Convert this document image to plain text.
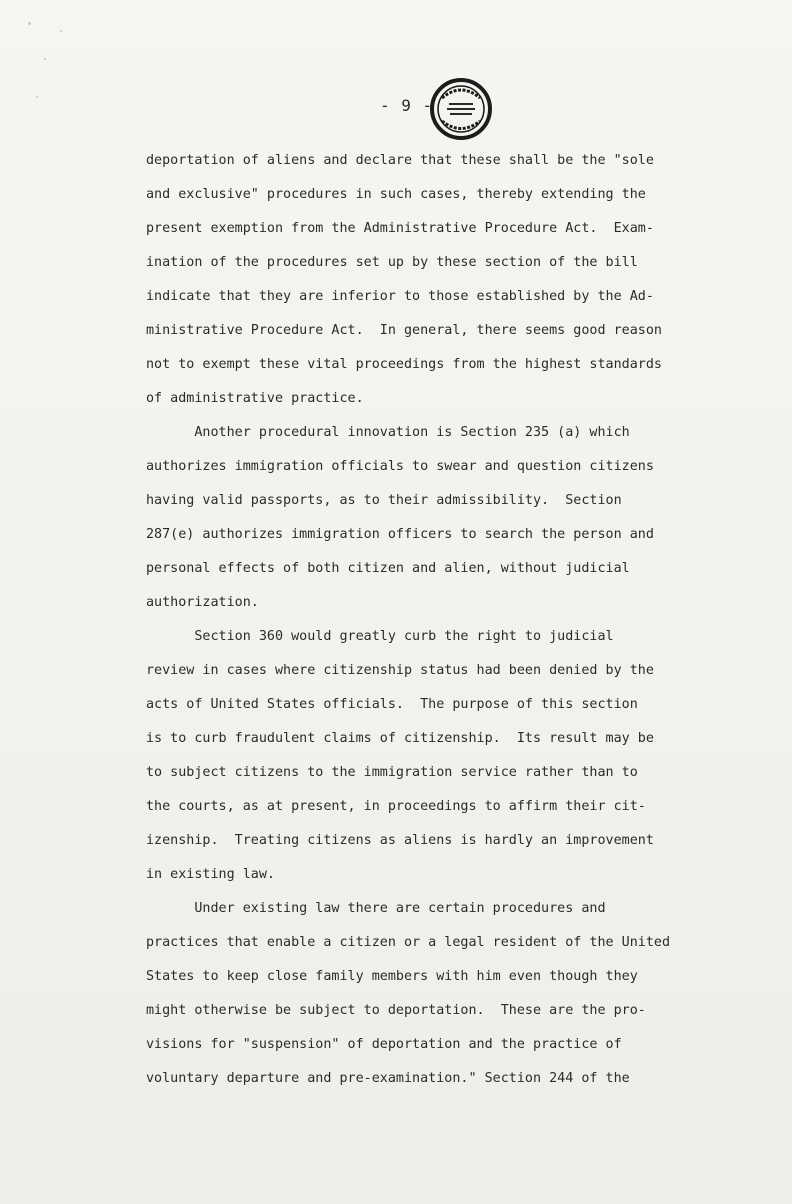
- 9 -
deportation of aliens and declare that these shall be the "sole
and exclusive" procedures in such cases, thereby extending the
present exemption from the Administrative Procedure Act.  Exam-
ination of the procedures set up by these section of the bill
indicate that they are inferior to those established by the Ad-
ministrative Procedure Act.  In general, there seems good reason
not to exempt these vital proceedings from the highest standards
of administrative practice.
Another procedural innovation is Section 235 (a) which
authorizes immigration officials to swear and question citizens
having valid passports, as to their admissibility.  Section
287(e) authorizes immigration officers to search the person and
personal effects of both citizen and alien, without judicial
authorization.
Section 360 would greatly curb the right to judicial
review in cases where citizenship status had been denied by the
acts of United States officials.  The purpose of this section
is to curb fraudulent claims of citizenship.  Its result may be
to subject citizens to the immigration service rather than to
the courts, as at present, in proceedings to affirm their cit-
izenship.  Treating citizens as aliens is hardly an improvement
in existing law.
Under existing law there are certain procedures and
practices that enable a citizen or a legal resident of the United
States to keep close family members with him even though they
might otherwise be subject to deportation.  These are the pro-
visions for "suspension" of deportation and the practice of
voluntary departure and pre-examination." Section 244 of the
